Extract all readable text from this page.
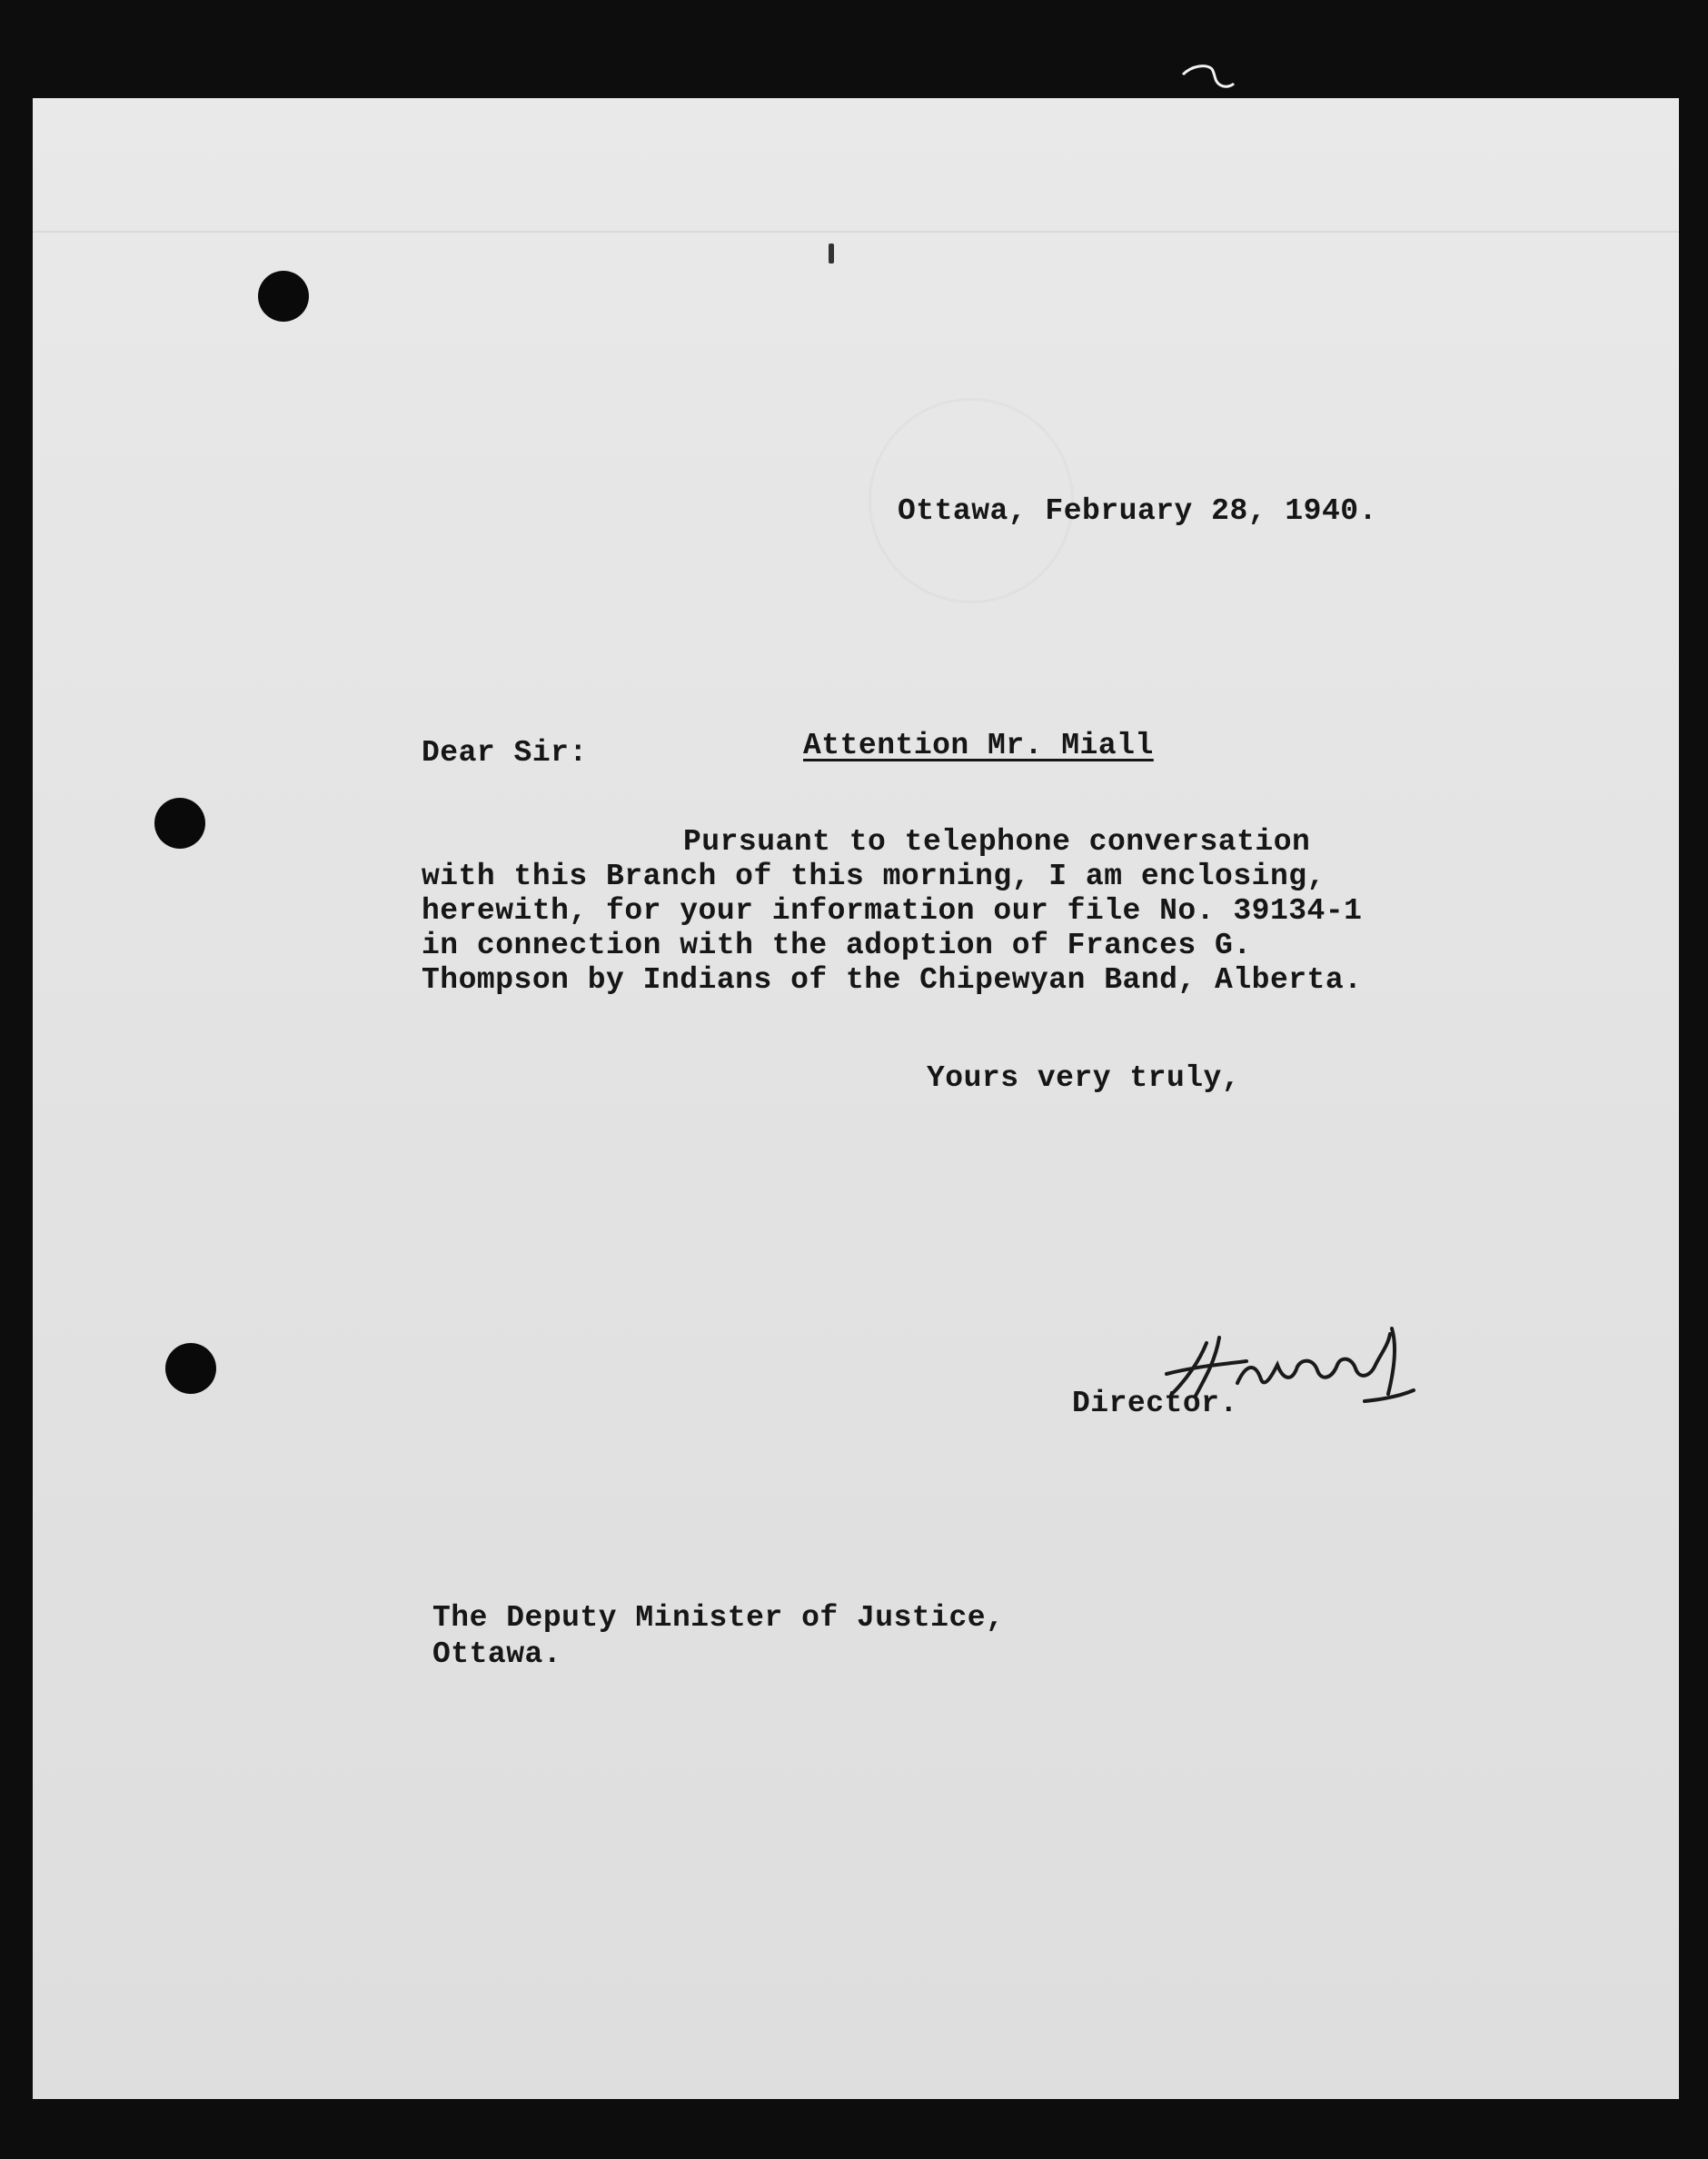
Ottawa, February 28, 1940.
Dear Sir:	Attention Mr. Miall
Pursuant to telephone conversation
with this Branch of this morning, I am enclosing,
herewith, for your information our file No. 39134-1
in connection with the adoption of Frances G.
Thompson by Indians of the Chipewyan Band, Alberta.
Yours very truly,
Director.
The Deputy Minister of Justice,
Ottawa.
